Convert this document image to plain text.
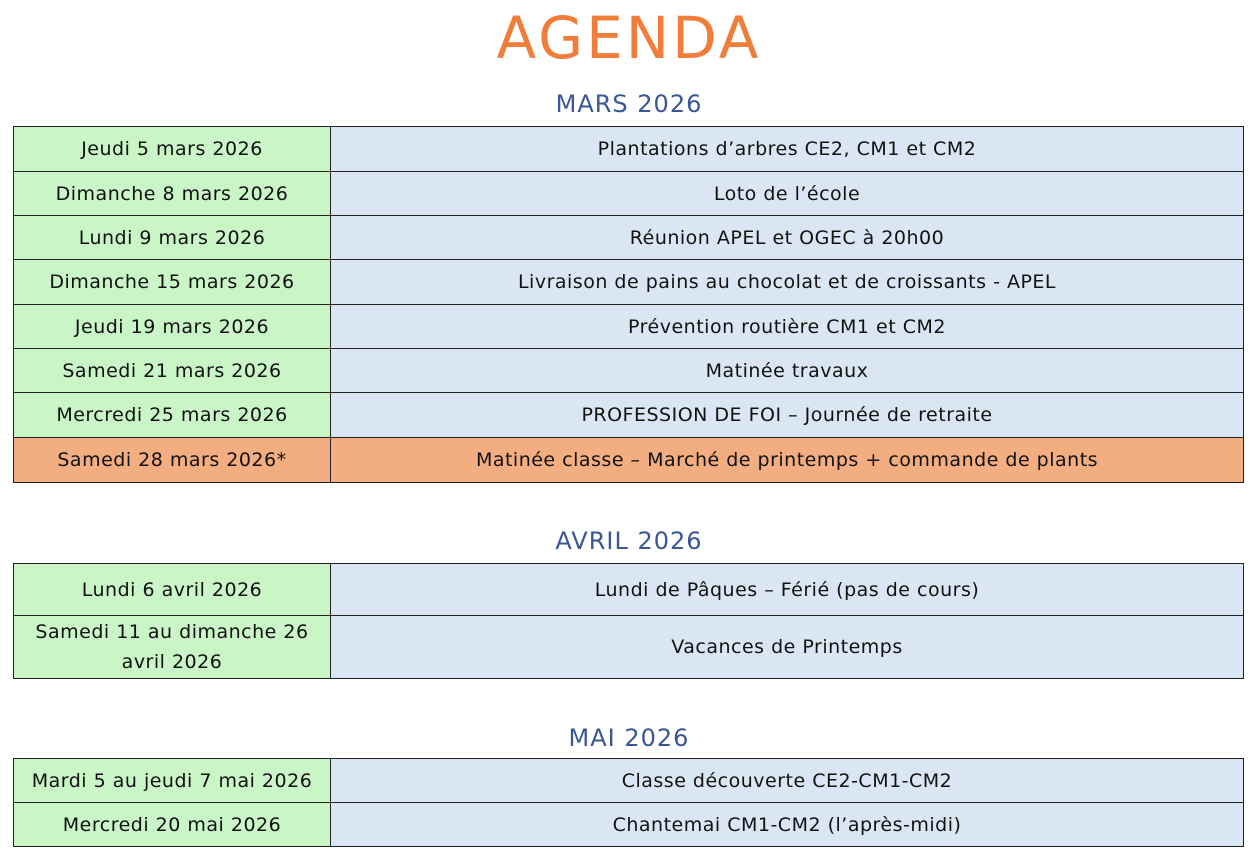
AGENDA
MARS 2026
Jeudi 5 mars 2026	Plantations d’arbres CE2, CM1 et CM2
Dimanche 8 mars 2026	Loto de l’école
Lundi 9 mars 2026	Réunion APEL et OGEC à 20h00
Dimanche 15 mars 2026	Livraison de pains au chocolat et de croissants - APEL
Jeudi 19 mars 2026	Prévention routière CM1 et CM2
Samedi 21 mars 2026	Matinée travaux
Mercredi 25 mars 2026	PROFESSION DE FOI – Journée de retraite
Samedi 28 mars 2026*	Matinée classe – Marché de printemps + commande de plants
AVRIL 2026
Lundi 6 avril 2026	Lundi de Pâques – Férié (pas de cours)
Samedi 11 au dimanche 26 avril 2026	Vacances de Printemps
MAI 2026
Mardi 5 au jeudi 7 mai 2026	Classe découverte CE2-CM1-CM2
Mercredi 20 mai 2026	Chantemai CM1-CM2 (l’après-midi)
